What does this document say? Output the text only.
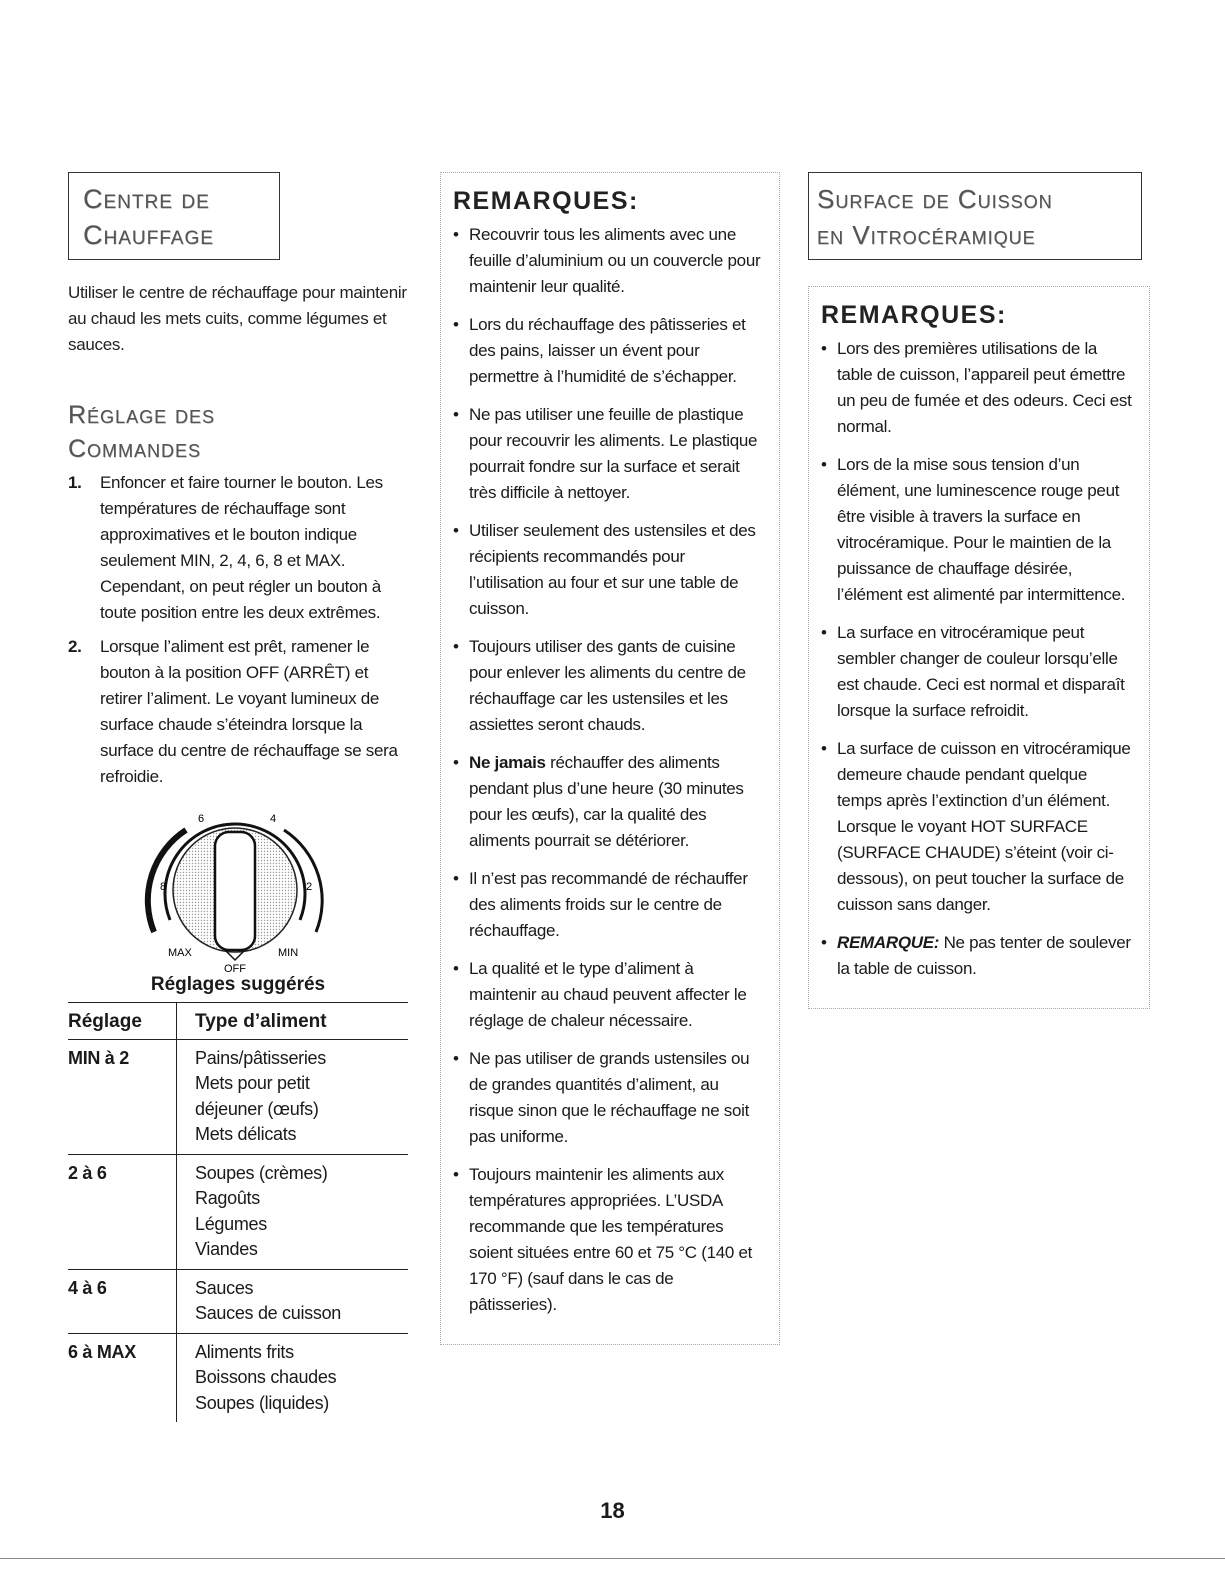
Centre de
Chauffage

Utiliser le centre de réchauffage pour maintenir au chaud les mets cuits, comme légumes et sauces.

Réglage des
Commandes
1. Enfoncer et faire tourner le bouton. Les températures de réchauffage sont approximatives et le bouton indique seulement MIN, 2, 4, 6, 8 et MAX. Cependant, on peut régler un bouton à toute position entre les deux extrêmes.
2. Lorsque l’aliment est prêt, ramener le bouton à la position OFF (ARRÊT) et retirer l’aliment. Le voyant lumineux de surface chaude s’éteindra lorsque la surface du centre de réchauffage se sera refroidie.
6	4
8	2
MAX	MIN
OFF
Réglages suggérés
Réglage	Type d’aliment
MIN à 2	Pains/pâtisseries
Mets pour petit
déjeuner (œufs)
Mets délicats

2 à 6	Soupes (crèmes)
Ragoûts
Légumes
Viandes

4 à 6	Sauces
Sauces de cuisson

6 à MAX	Aliments frits
Boissons chaudes
Soupes (liquides)
REMARQUES:
• Recouvrir tous les aliments avec une feuille d’aluminium ou un couvercle pour maintenir leur qualité.
• Lors du réchauffage des pâtisseries et des pains, laisser un évent pour permettre à l’humidité de s’échapper.
• Ne pas utiliser une feuille de plastique pour recouvrir les aliments. Le plastique pourrait fondre sur la surface et serait très difficile à nettoyer.
• Utiliser seulement des ustensiles et des récipients recommandés pour l’utilisation au four et sur une table de cuisson.
• Toujours utiliser des gants de cuisine pour enlever les aliments du centre de réchauffage car les ustensiles et les assiettes seront chauds.
• Ne jamais réchauffer des aliments pendant plus d’une heure (30 minutes pour les œufs), car la qualité des aliments pourrait se détériorer.
• Il n’est pas recommandé de réchauffer des aliments froids sur le centre de réchauffage.
• La qualité et le type d’aliment à maintenir au chaud peuvent affecter le réglage de chaleur nécessaire.
• Ne pas utiliser de grands ustensiles ou de grandes quantités d’aliment, au risque sinon que le réchauffage ne soit pas uniforme.
• Toujours maintenir les aliments aux températures appropriées. L’USDA recommande que les températures soient situées entre 60 et 75 °C (140 et 170 °F) (sauf dans le cas de pâtisseries).
Surface de Cuisson
en Vitrocéramique
REMARQUES:
• Lors des premières utilisations de la table de cuisson, l’appareil peut émettre un peu de fumée et des odeurs. Ceci est normal.
• Lors de la mise sous tension d’un élément, une luminescence rouge peut être visible à travers la surface en vitrocéramique. Pour le maintien de la puissance de chauffage désirée, l’élément est alimenté par intermittence.
• La surface en vitrocéramique peut sembler changer de couleur lorsqu’elle est chaude. Ceci est normal et disparaît lorsque la surface refroidit.
• La surface de cuisson en vitrocéramique demeure chaude pendant quelque temps après l’extinction d’un élément. Lorsque le voyant HOT SURFACE (SURFACE CHAUDE) s’éteint (voir ci-dessous), on peut toucher la surface de cuisson sans danger.
• REMARQUE: Ne pas tenter de soulever la table de cuisson.
18
